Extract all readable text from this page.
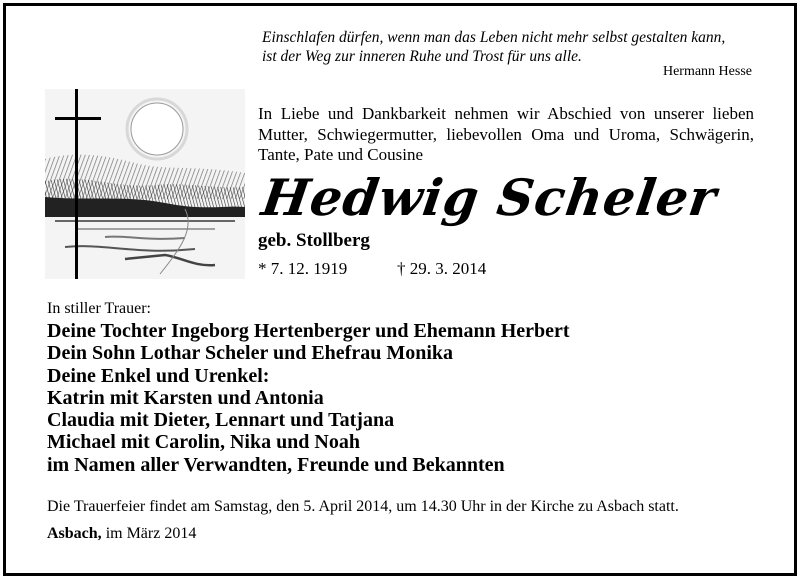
Einschlafen dürfen, wenn man das Leben nicht mehr selbst gestalten kann,
ist der Weg zur inneren Ruhe und Trost für uns alle.
Hermann Hesse
In Liebe und Dankbarkeit nehmen wir Abschied von unserer lieben Mutter, Schwiegermutter, liebevollen Oma und Uroma, Schwägerin, Tante, Pate und Cousine
Hedwig Scheler
geb. Stollberg
* 7. 12. 1919	† 29. 3. 2014
In stiller Trauer:
Deine Tochter Ingeborg Hertenberger und Ehemann Herbert
Dein Sohn Lothar Scheler und Ehefrau Monika
Deine Enkel und Urenkel:
Katrin mit Karsten und Antonia
Claudia mit Dieter, Lennart und Tatjana
Michael mit Carolin, Nika und Noah
im Namen aller Verwandten, Freunde und Bekannten
Die Trauerfeier findet am Samstag, den 5. April 2014, um 14.30 Uhr in der Kirche zu Asbach statt.
Asbach, im März 2014
